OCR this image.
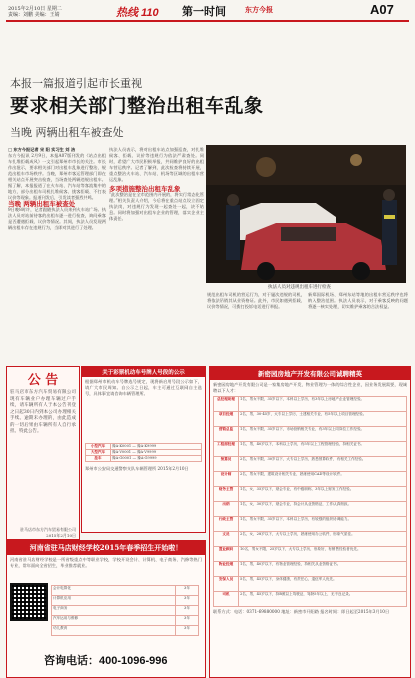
2015年2月10日 星期二
责编：刘鹏 美编：王婧	热线 110 第一时间	东方今报	A07
本报一篇报道引起市长重视
要求相关部门整治出租车乱象
当晚 两辆出租车被查处
□ 东方今报记者 宋 阳 实习生 刘 洁
东方今报讯 2月9日，本报A07版刊发的《站点出租车扎堆拒载成风》一文引起郑州市市长的关注。市长作出批示，要求相关部门对出租车乱象进行整治，规范出租车市场秩序。当晚，郑州市客运管理部门即在相关站点开展突击检查，当场查处两辆违规出租车。据了解，本报报道了在火车站、汽车站等客流集中的地方，部分出租车司机扎堆候客、挑客拒载、不打表议价等现象。报道刊发后，引发读者强烈共鸣。
当晚 两辆出租车被查处
9日晚8时许，记者跟随执法人员来到火车站广场。执法人员对站前待客的出租车逐一进行检查，询问乘客是否遭遇拒载、议价等情况。其间，执法人员发现两辆出租车存在违规行为，当即对其进行了处理。
执法人员表示，将对出租车站点加强巡查，对扎堆候客、拒载、议价等违规行为依法严肃查处。同时，希望广大市民积极举报，共同维护良好的出租车营运秩序。记者了解到，此次检查将持续开展，重点整治火车站、汽车站、机场等区域的出租车营运乱象。
多项措施整治出租车乱象
“此次整治是在全市范围内开展的，将实行常态化管理。”相关负责人介绍，今后将在重点站点设立固定执法岗，对违规行为发现一起查处一起，决不姑息。同时将加强对出租车企业的管理，落实企业主体责任。
执法人员对违规出租车进行检查
规范出租车司机的营运行为，对于屡次违规的司机，将依法吊销其从业资格证。此外，市民如遇到拒载、议价等情况，可拨打投诉电话进行举报。
新郑国际机场、郑州东站等地的出租车营运秩序也将纳入整治范围。执法人员表示，对于乘客反映的问题将逐一核实处理，切实维护乘客的合法权益。
公 告
驻马店市东方汽车贸易有限公司现有车辆业户办理车辆过户手续，请车辆所有人于本公告刊登之日起30日内到本公司办理相关手续。逾期未办理的，由此造成的一切后果由车辆所有人自行承担。特此公告。
驻马店市东方汽车贸易有限公司
2015年2月10日
关于彩票机动车号牌人号段的公示
根据郑州市机动车号牌选号规定，现将新启用号段公示如下，请广大市民周知。自公示之日起，车主可通过互联网自主选号，具体事宜请咨询车辆管理所。
小型汽车	豫A·K0001 — 豫A·K9999
大型汽车	豫A·V0001 — 豫A·V9999
挂车	豫A·G0001 — 豫A·G9999
郑州市公安局交通警察支队车辆管理所 2015年2月10日
新密园房地产开发有限公司诚聘精英
新密园房地产开发有限公司是一家集房地产开发、物业管理为一体的综合性企业，因业务发展需要，现诚聘以下人才：
总经理助理	1名，男女不限，35岁以下，本科以上学历，有3年以上房地产企业管理经验。
项目经理	2名，男，30-45岁，大专以上学历，土建相关专业，有5年以上项目管理经验。
营销总监	1名，男女不限，35岁以下，市场营销相关专业，有3年以上同岗位工作经验。
工程部经理	1名，男，40岁以下，本科以上学历，有5年以上工程管理经验，持相关证书。
预算员	2名，男女不限，30岁以下，大专以上学历，熟悉预算软件，有相关工作经验。
设计师	2名，男女不限，建筑设计相关专业，熟练使用CAD等设计软件。
财务主管	1名，女，35岁以下，财会专业，有中级职称，3年以上财务工作经验。
出纳	1名，女，30岁以下，财会专业，持会计从业资格证，工作认真细致。
行政主管	1名，男女不限，35岁以下，本科以上学历，有较强的组织协调能力。
文员	2名，女，28岁以下，大专以上学历，熟练使用办公软件，形象气质佳。
置业顾问	10名，男女不限，25岁以下，大专以上学历，形象好，有销售经验者优先。
物业经理	1名，男，40岁以下，有物业管理经验，持相关从业资格证书。
安保人员	5名，男，45岁以下，身体健康，有责任心，退伍军人优先。
司机	2名，男，45岁以下，持B照以上驾驶证，驾龄5年以上，无不良记录。
联系方式：电话：0371-69880000 地址：新密市开阳路 报名时间：即日起至2015年3月10日
河南省驻马店财经学校2015年春季招生开始啦！
河南省驻马店财经学校是一所省级重点中等职业学校，学校开设会计、计算机、电子商务、汽修等热门专业，常年面向全省招生，毕业推荐就业。
会计电算化	3年
计算机应用	3年
电子商务	3年
汽车运用与维修	3年
幼儿教育	3年
咨询电话：400-1096-996
